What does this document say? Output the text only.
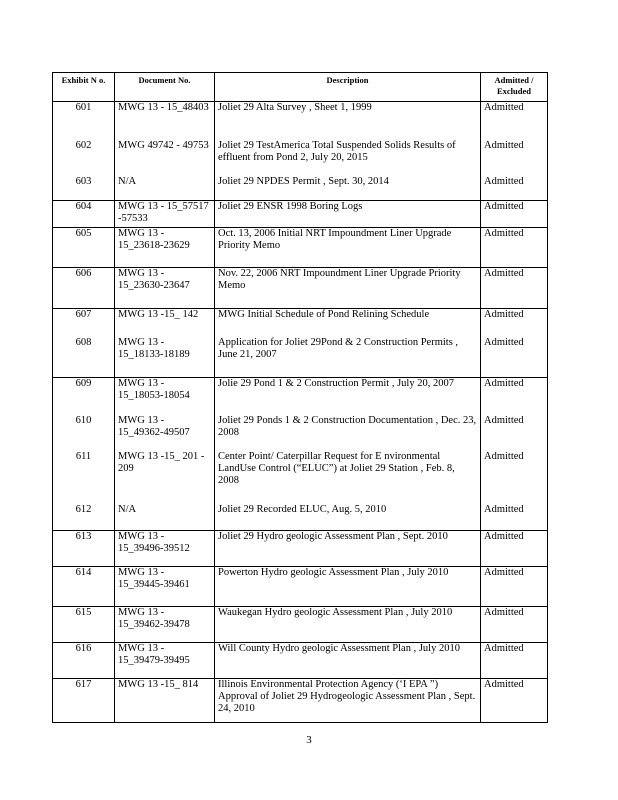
Exhibit N o.	Document No.	Description	Admitted / Excluded
601	MWG 13 - 15_48403	Joliet 29 Alta Survey , Sheet 1, 1999	Admitted
602	MWG 49742 - 49753	Joliet 29 TestAmerica Total Suspended Solids Results of effluent from Pond 2, July 20, 2015	Admitted
603	N/A	Joliet 29 NPDES Permit , Sept. 30, 2014	Admitted
604	MWG 13 - 15_57517 -57533	Joliet 29 ENSR 1998 Boring Logs	Admitted
605	MWG 13 - 15_23618-23629	Oct. 13, 2006 Initial NRT Impoundment Liner Upgrade Priority Memo	Admitted
606	MWG 13 - 15_23630-23647	Nov. 22, 2006 NRT Impoundment Liner Upgrade Priority Memo	Admitted
607	MWG 13 -15_ 142	MWG Initial Schedule of Pond Relining Schedule	Admitted
608	MWG 13 - 15_18133-18189	Application for Joliet 29Pond & 2 Construction Permits , June 21, 2007	Admitted
609	MWG 13 - 15_18053-18054	Jolie 29 Pond 1 & 2 Construction Permit , July 20, 2007	Admitted
610	MWG 13 - 15_49362-49507	Joliet 29 Ponds 1 & 2 Construction Documentation , Dec. 23, 2008	Admitted
611	MWG 13 -15_ 201 - 209	Center Point/ Caterpillar Request for E nvironmental LandUse Control (“ELUC”) at Joliet 29 Station , Feb. 8, 2008	Admitted
612	N/A	Joliet 29 Recorded ELUC, Aug. 5, 2010	Admitted
613	MWG 13 - 15_39496-39512	Joliet 29 Hydro geologic Assessment Plan , Sept. 2010	Admitted
614	MWG 13 - 15_39445-39461	Powerton Hydro geologic Assessment Plan , July 2010	Admitted
615	MWG 13 - 15_39462-39478	Waukegan Hydro geologic Assessment Plan , July 2010	Admitted
616	MWG 13 - 15_39479-39495	Will County Hydro geologic Assessment Plan , July 2010	Admitted
617	MWG 13 -15_ 814	Illinois Environmental Protection Agency (‘I EPA ”) Approval of Joliet 29 Hydrogeologic Assessment Plan , Sept. 24, 2010	Admitted
3
